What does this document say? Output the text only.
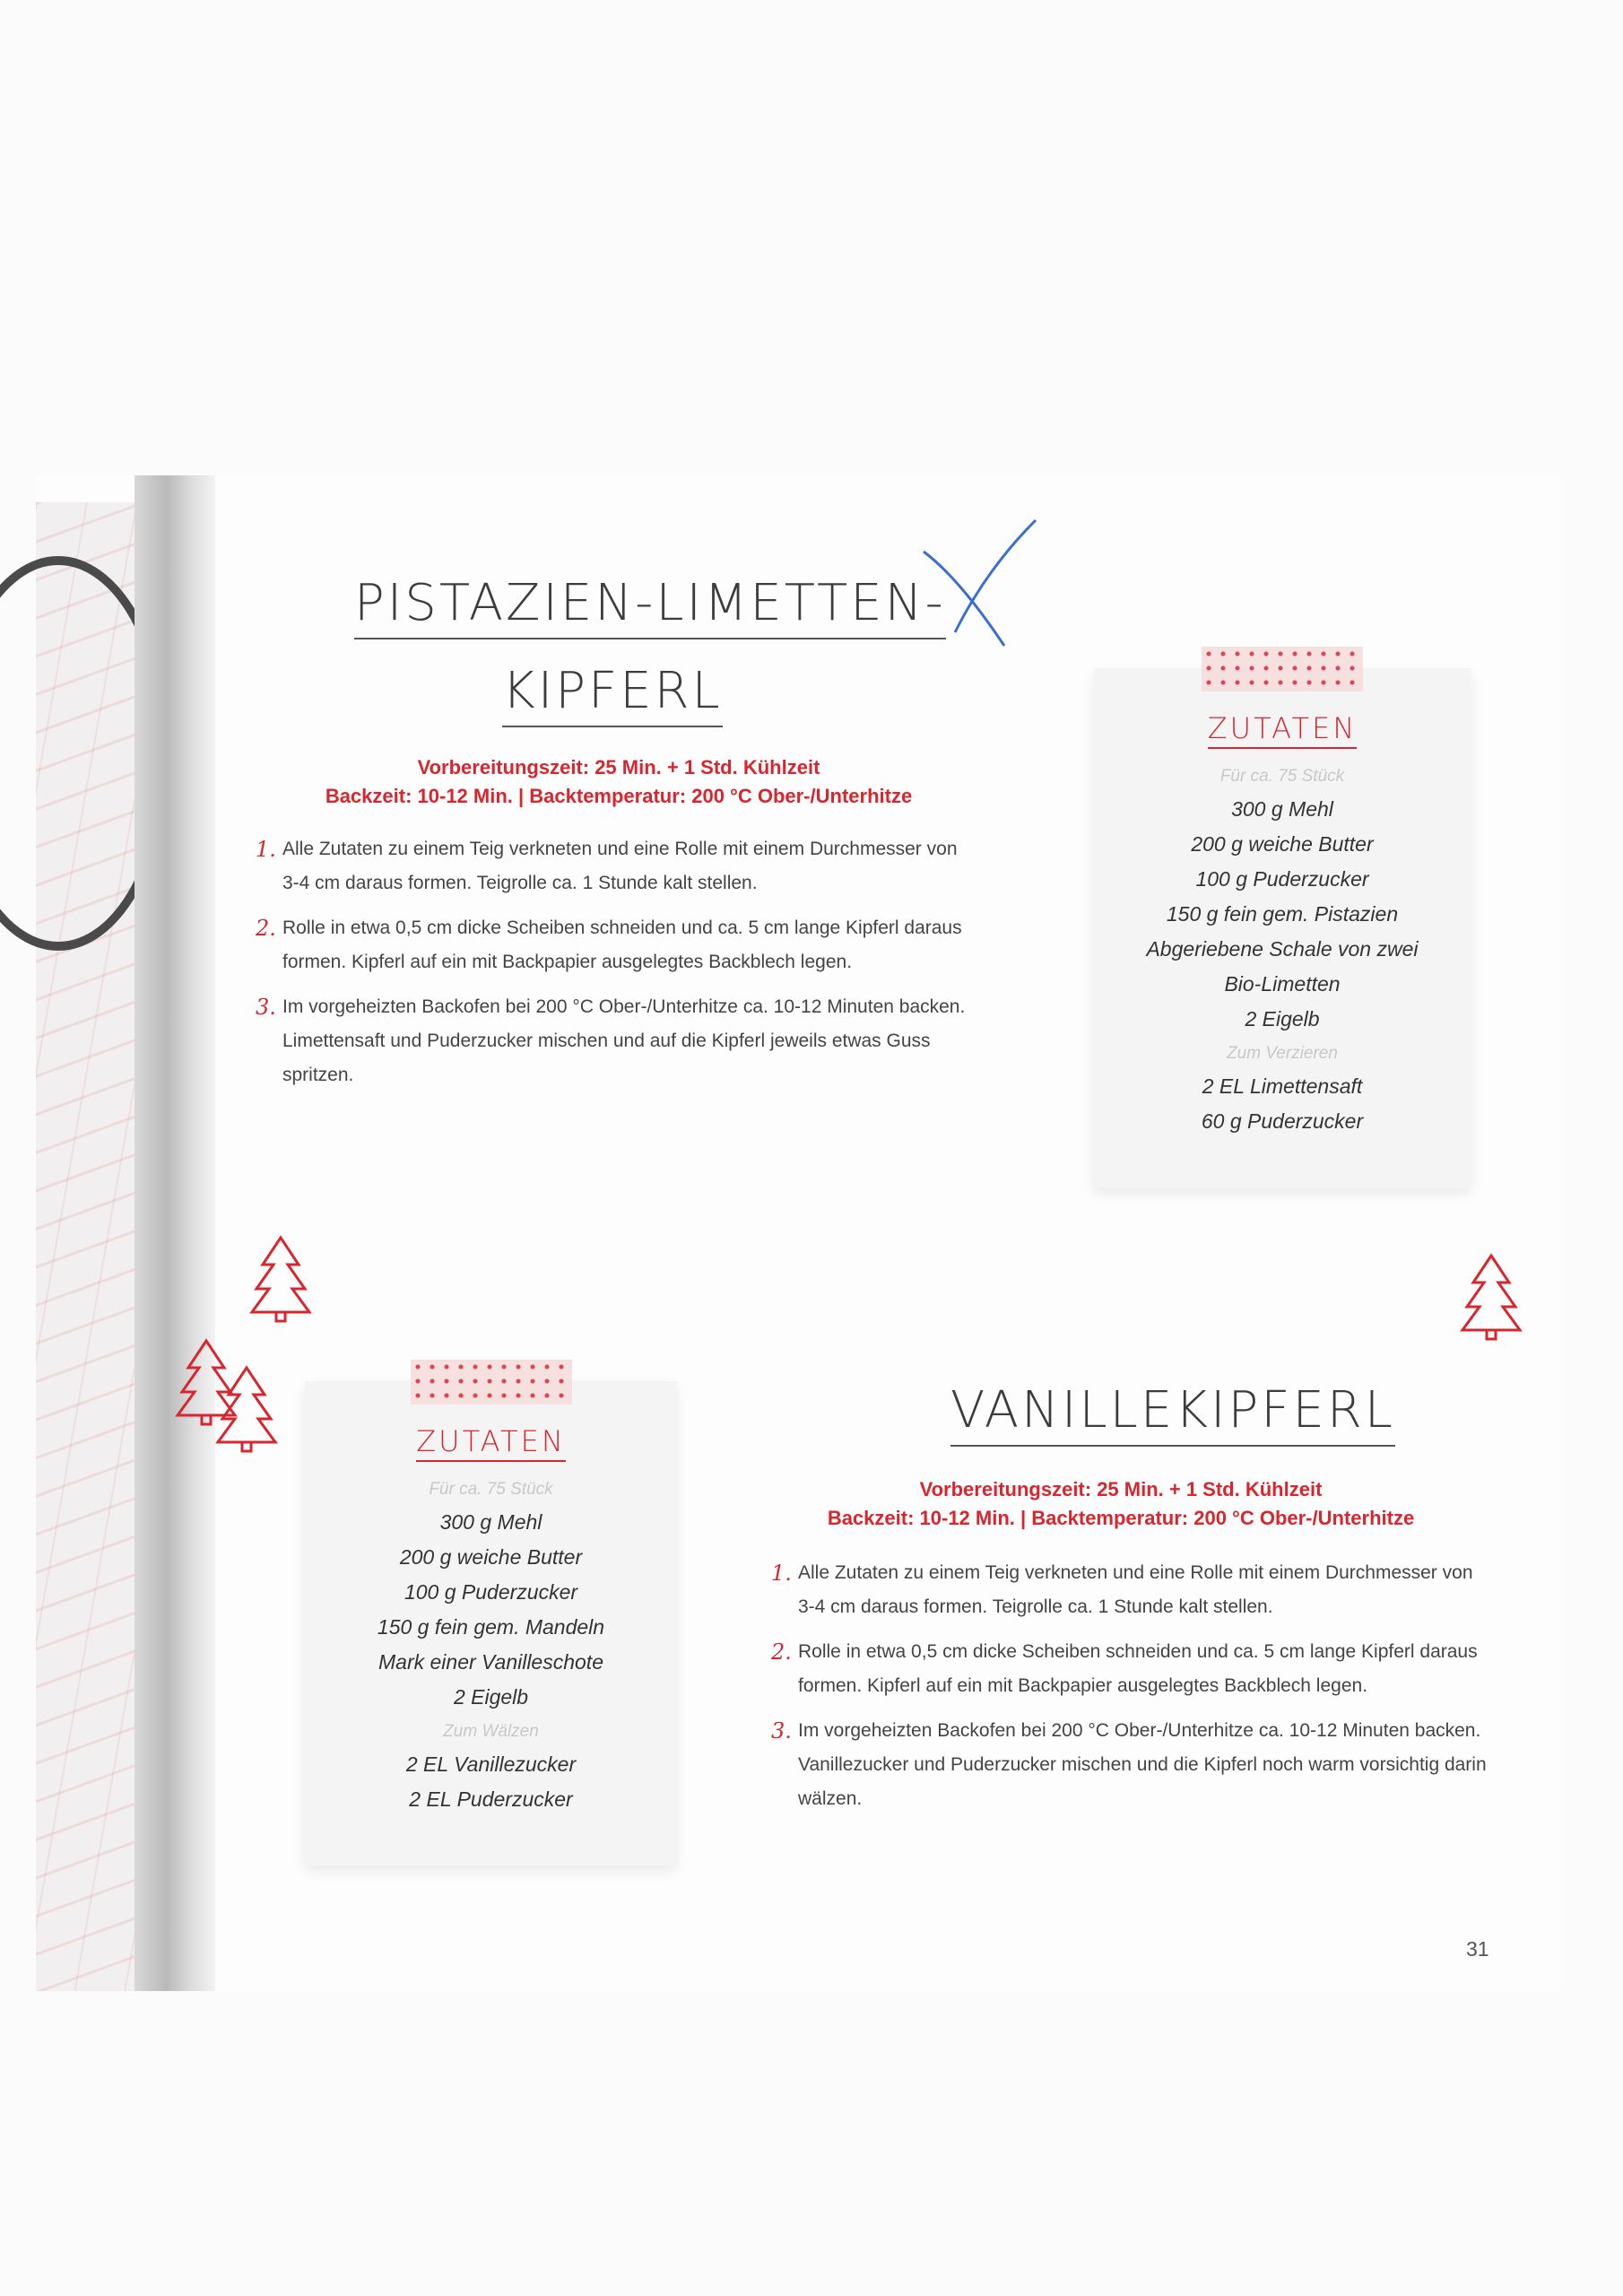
PISTAZIEN-LIMETTEN-
KIPFERL
Vorbereitungszeit: 25 Min. + 1 Std. Kühlzeit
Backzeit: 10-12 Min. | Backtemperatur: 200 °C Ober-/Unterhitze
1. Alle Zutaten zu einem Teig verkneten und eine Rolle mit einem Durchmesser von 3-4 cm daraus formen. Teigrolle ca. 1 Stunde kalt stellen.
2. Rolle in etwa 0,5 cm dicke Scheiben schneiden und ca. 5 cm lange Kipferl daraus formen. Kipferl auf ein mit Backpapier ausgelegtes Backblech legen.
3. Im vorgeheizten Backofen bei 200 °C Ober-/Unterhitze ca. 10-12 Minuten backen. Limettensaft und Puderzucker mischen und auf die Kipferl jeweils etwas Guss spritzen.
ZUTATEN
Für ca. 75 Stück
300 g Mehl
200 g weiche Butter
100 g Puderzucker
150 g fein gem. Pistazien
Abgeriebene Schale von zwei
Bio-Limetten
2 Eigelb
Zum Verzieren
2 EL Limettensaft
60 g Puderzucker
ZUTATEN
Für ca. 75 Stück
300 g Mehl
200 g weiche Butter
100 g Puderzucker
150 g fein gem. Mandeln
Mark einer Vanilleschote
2 Eigelb
Zum Wälzen
2 EL Vanillezucker
2 EL Puderzucker
VANILLEKIPFERL
Vorbereitungszeit: 25 Min. + 1 Std. Kühlzeit
Backzeit: 10-12 Min. | Backtemperatur: 200 °C Ober-/Unterhitze
1. Alle Zutaten zu einem Teig verkneten und eine Rolle mit einem Durchmesser von 3-4 cm daraus formen. Teigrolle ca. 1 Stunde kalt stellen.
2. Rolle in etwa 0,5 cm dicke Scheiben schneiden und ca. 5 cm lange Kipferl daraus formen. Kipferl auf ein mit Backpapier ausgelegtes Backblech legen.
3. Im vorgeheizten Backofen bei 200 °C Ober-/Unterhitze ca. 10-12 Minuten backen. Vanillezucker und Puderzucker mischen und die Kipferl noch warm vorsichtig darin wälzen.
31
